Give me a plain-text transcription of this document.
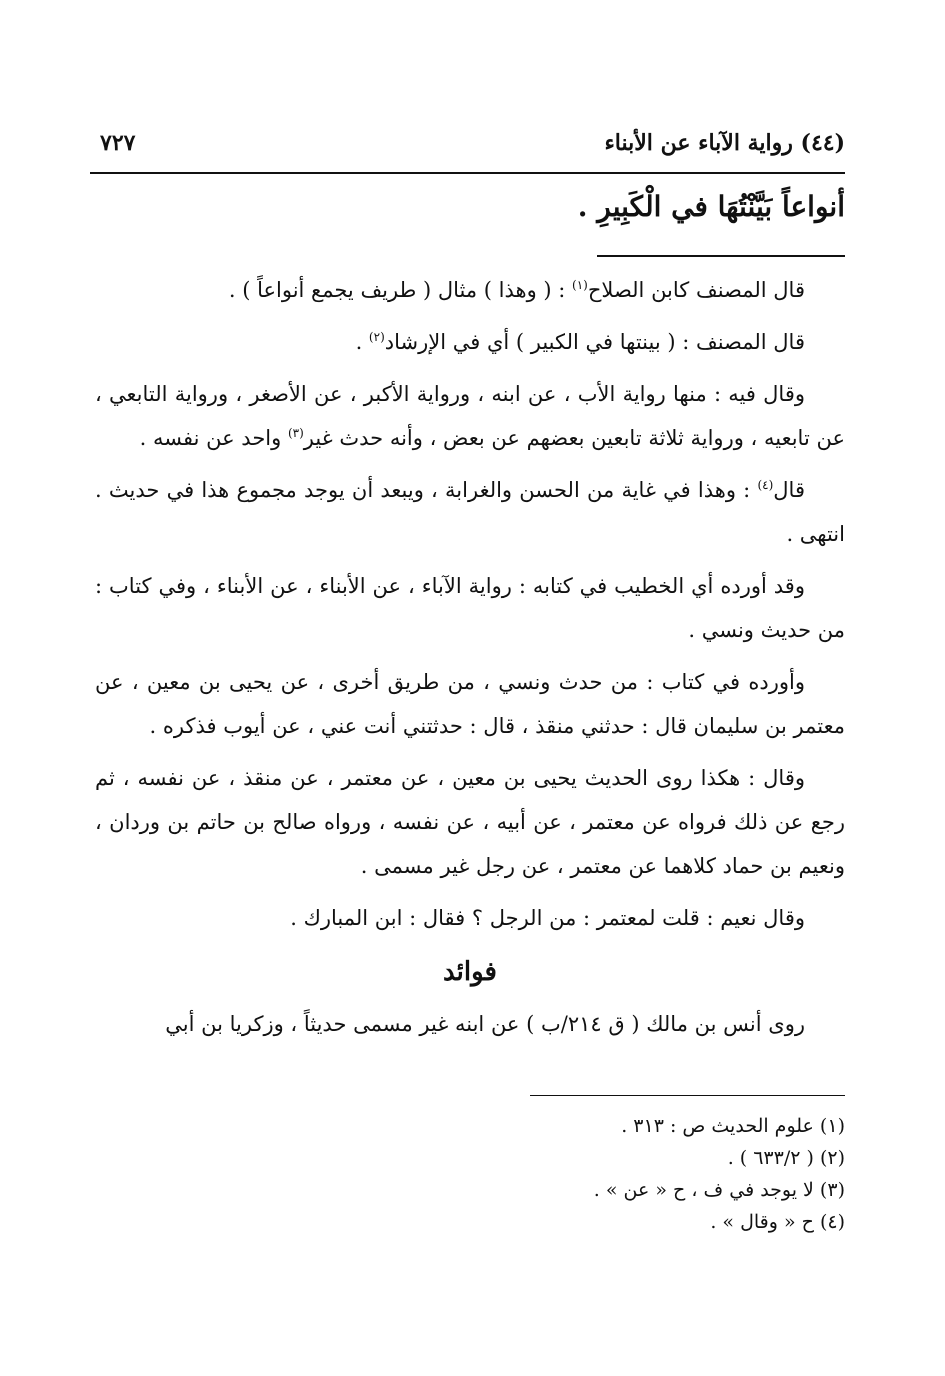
(٤٤) رواية الآباء عن الأبناء
٧٢٧
أنواعاً بَيَّنْتُهَا في الْكَبِيرِ .

قال المصنف كابن الصلاح$^{(١)}$ : ( وهذا ) مثال ( طريف يجمع أنواعاً ) .

قال المصنف : ( بينتها في الكبير ) أي في الإرشاد$^{(٢)}$ .

وقال فيه : منها رواية الأب ، عن ابنه ، ورواية الأكبر ، عن الأصغر ، ورواية التابعي ، عن تابعيه ، ورواية ثلاثة تابعين بعضهم عن بعض ، وأنه حدث غير$^{(٣)}$ واحد عن نفسه .

قال$^{(٤)}$ : وهذا في غاية من الحسن والغرابة ، ويبعد أن يوجد مجموع هذا في حديث . انتهى .

وقد أورده أي الخطيب في كتابه : رواية الآباء ، عن الأبناء ، عن الأبناء ، وفي كتاب : من حديث ونسي .

وأورده في كتاب : من حدث ونسي ، من طريق أخرى ، عن يحيى بن معين ، عن معتمر بن سليمان قال : حدثني منقذ ، قال : حدثتني أنت عني ، عن أيوب فذكره .

وقال : هكذا روى الحديث يحيى بن معين ، عن معتمر ، عن منقذ ، عن نفسه ، ثم رجع عن ذلك فرواه عن معتمر ، عن أبيه ، عن نفسه ، ورواه صالح بن حاتم بن وردان ، ونعيم بن حماد كلاهما عن معتمر ، عن رجل غير مسمى .

وقال نعيم : قلت لمعتمر : من الرجل ؟ فقال : ابن المبارك .

فوائد

روى أنس بن مالك ( ق ٢١٤/ب ) عن ابنه غير مسمى حديثاً ، وزكريا بن أبي

(١) علوم الحديث ص : ٣١٣ .

(٢) ( ٦٣٣/٢ ) .

(٣) لا يوجد في ف ، ح « عن » .

(٤) ح « وقال » .
